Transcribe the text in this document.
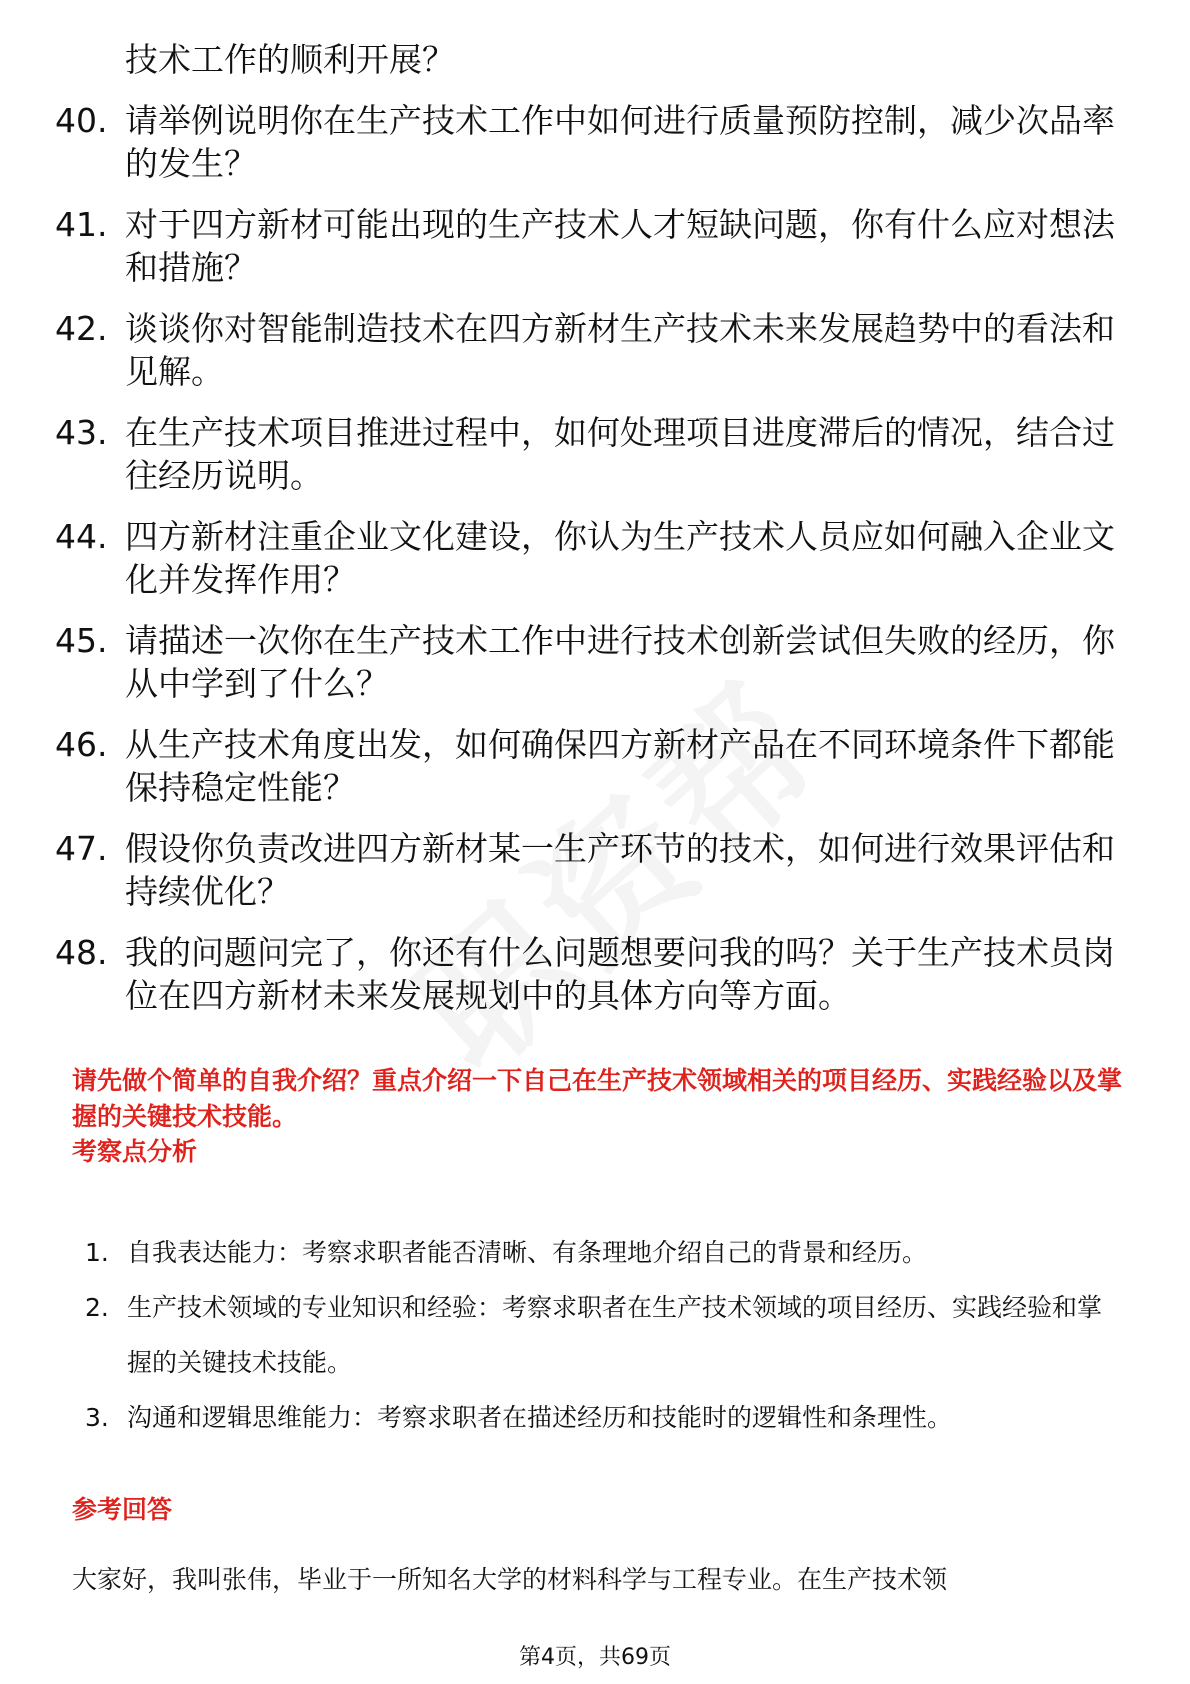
技术工作的顺利开展？
40. 请举例说明你在生产技术工作中如何进行质量预防控制，减少次品率的发生？
41. 对于四方新材可能出现的生产技术人才短缺问题，你有什么应对想法和措施？
42. 谈谈你对智能制造技术在四方新材生产技术未来发展趋势中的看法和见解。
43. 在生产技术项目推进过程中，如何处理项目进度滞后的情况，结合过往经历说明。
44. 四方新材注重企业文化建设，你认为生产技术人员应如何融入企业文化并发挥作用？
45. 请描述一次你在生产技术工作中进行技术创新尝试但失败的经历，你从中学到了什么？
46. 从生产技术角度出发，如何确保四方新材产品在不同环境条件下都能保持稳定性能？
47. 假设你负责改进四方新材某一生产环节的技术，如何进行效果评估和持续优化？
48. 我的问题问完了，你还有什么问题想要问我的吗？关于生产技术员岗位在四方新材未来发展规划中的具体方向等方面。
请先做个简单的自我介绍？重点介绍一下自己在生产技术领域相关的项目经历、实践经验以及掌握的关键技术技能。
考察点分析
1. 自我表达能力：考察求职者能否清晰、有条理地介绍自己的背景和经历。
2. 生产技术领域的专业知识和经验：考察求职者在生产技术领域的项目经历、实践经验和掌握的关键技术技能。
3. 沟通和逻辑思维能力：考察求职者在描述经历和技能时的逻辑性和条理性。
参考回答
大家好，我叫张伟，毕业于一所知名大学的材料科学与工程专业。在生产技术领
第4页，共69页
